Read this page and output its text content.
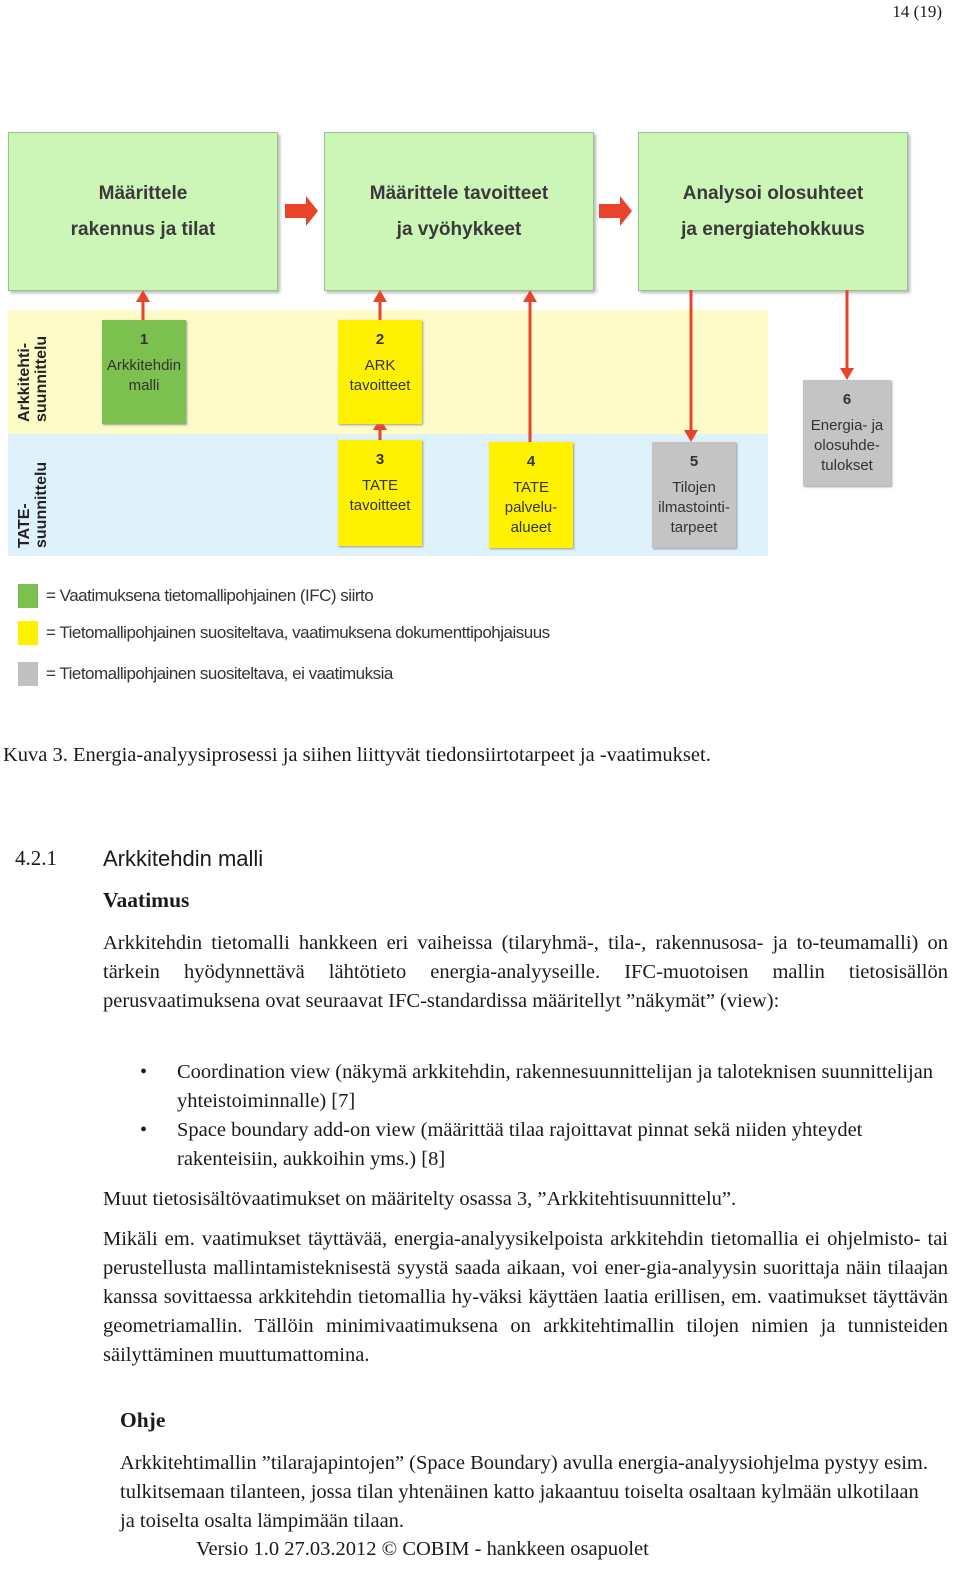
14 (19)
Arkkitehti- suunnittelu
TATE- suunnittelu
Määrittele
rakennus ja tilat
Määrittele tavoitteet
ja vyöhykkeet
Analysoi olosuhteet
ja energiatehokkuus
1
Arkkitehdin
malli
2
ARK
tavoitteet
3
TATE
tavoitteet
4
TATE
palvelu-
alueet
5
Tilojen
ilmastointi-
tarpeet
6
Energia- ja
olosuhde-
tulokset
= Vaatimuksena tietomallipohjainen (IFC) siirto
= Tietomallipohjainen suositeltava, vaatimuksena dokumenttipohjaisuus
= Tietomallipohjainen suositeltava, ei vaatimuksia
Kuva 3. Energia-analyysiprosessi ja siihen liittyvät tiedonsiirtotarpeet ja -vaatimukset.
4.2.1 Arkkitehdin malli
Vaatimus
Arkkitehdin tietomalli hankkeen eri vaiheissa (tilaryhmä-, tila-, rakennusosa- ja to-teumamalli) on tärkein hyödynnettävä lähtötieto energia-analyyseille. IFC-muotoisen mallin tietosisällön perusvaatimuksena ovat seuraavat IFC-standardissa määritellyt ”näkymät” (view):
• Coordination view (näkymä arkkitehdin, rakennesuunnittelijan ja taloteknisen suunnittelijan yhteistoiminnalle) [7]
• Space boundary add-on view (määrittää tilaa rajoittavat pinnat sekä niiden yhteydet rakenteisiin, aukkoihin yms.) [8]
Muut tietosisältövaatimukset on määritelty osassa 3, ”Arkkitehtisuunnittelu”.
Mikäli em. vaatimukset täyttävää, energia-analyysikelpoista arkkitehdin tietomallia ei ohjelmisto- tai perustellusta mallintamisteknisestä syystä saada aikaan, voi ener-gia-analyysin suorittaja näin tilaajan kanssa sovittaessa arkkitehdin tietomallia hy-väksi käyttäen laatia erillisen, em. vaatimukset täyttävän geometriamallin. Tällöin minimivaatimuksena on arkkitehtimallin tilojen nimien ja tunnisteiden säilyttäminen muuttumattomina.
Ohje
Arkkitehtimallin ”tilarajapintojen” (Space Boundary) avulla energia-analyysiohjelma pystyy esim. tulkitsemaan tilanteen, jossa tilan yhtenäinen katto jakaantuu toiselta osaltaan kylmään ulkotilaan ja toiselta osalta lämpimään tilaan.
Versio 1.0 27.03.2012 © COBIM - hankkeen osapuolet
